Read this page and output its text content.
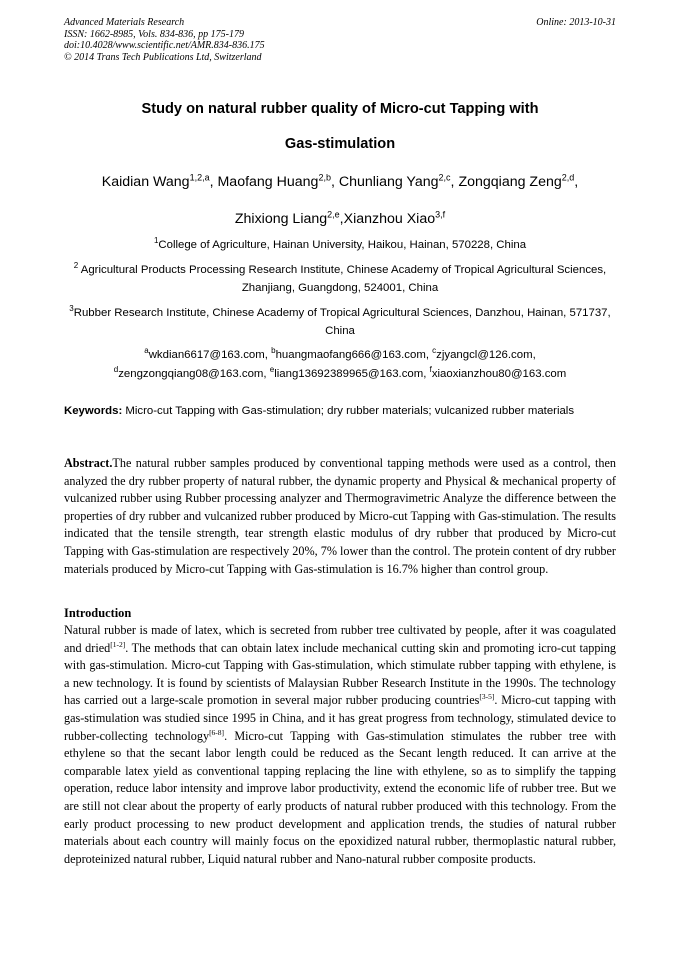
Advanced Materials Research
ISSN: 1662-8985, Vols. 834-836, pp 175-179
doi:10.4028/www.scientific.net/AMR.834-836.175
© 2014 Trans Tech Publications Ltd, Switzerland
Online: 2013-10-31
Study on natural rubber quality of Micro-cut Tapping with
Gas-stimulation
Kaidian Wang$^{1,2,a}$, Maofang Huang$^{2,b}$, Chunliang Yang$^{2,c}$, Zongqiang Zeng$^{2,d}$,
Zhixiong Liang$^{2,e}$,Xianzhou Xiao$^{3,f}$
$^1$College of Agriculture, Hainan University, Haikou, Hainan, 570228, China
$^2$ Agricultural Products Processing Research Institute, Chinese Academy of Tropical Agricultural Sciences, Zhanjiang, Guangdong, 524001, China
$^3$Rubber Research Institute, Chinese Academy of Tropical Agricultural Sciences, Danzhou, Hainan, 571737, China
$^a$wkdian6617@163.com, $^b$huangmaofang666@163.com, $^c$zjyangcl@126.com,
$^d$zengzongqiang08@163.com, $^e$liang13692389965@163.com, $^f$xiaoxianzhou80@163.com
Keywords: Micro-cut Tapping with Gas-stimulation; dry rubber materials; vulcanized rubber materials
Abstract.The natural rubber samples produced by conventional tapping methods were used as a control, then analyzed the dry rubber property of natural rubber, the dynamic property and Physical & mechanical property of vulcanized rubber using Rubber processing analyzer and Thermogravimetric Analyze the difference between the properties of dry rubber and vulcanized rubber produced by Micro-cut Tapping with Gas-stimulation. The results indicated that the tensile strength, tear strength elastic modulus of dry rubber that produced by Micro-cut Tapping with Gas-stimulation are respectively 20%, 7% lower than the control. The protein content of dry rubber materials produced by Micro-cut Tapping with Gas-stimulation is 16.7% higher than control group.
Introduction
Natural rubber is made of latex, which is secreted from rubber tree cultivated by people, after it was coagulated and dried[1-2]. The methods that can obtain latex include mechanical cutting skin and promoting icro-cut tapping with gas-stimulation. Micro-cut Tapping with Gas-stimulation, which stimulate rubber tapping with ethylene, is a new technology. It is found by scientists of Malaysian Rubber Research Institute in the 1990s. The technology has carried out a large-scale promotion in several major rubber producing countries[3-5]. Micro-cut tapping with gas-stimulation was studied since 1995 in China, and it has great progress from technology, stimulated device to rubber-collecting technology[6-8]. Micro-cut Tapping with Gas-stimulation stimulates the rubber tree with ethylene so that the secant labor length could be reduced as the Secant length reduced. It can arrive at the comparable latex yield as conventional tapping replacing the line with ethylene, so as to simplify the tapping operation, reduce labor intensity and improve labor productivity, extend the economic life of rubber tree. But we are still not clear about the property of early products of natural rubber produced with this technology. From the early product processing to new product development and application trends, the studies of natural rubber materials about each country will mainly focus on the epoxidized natural rubber, thermoplastic natural rubber, deproteinized natural rubber, Liquid natural rubber and Nano-natural rubber composite products.
